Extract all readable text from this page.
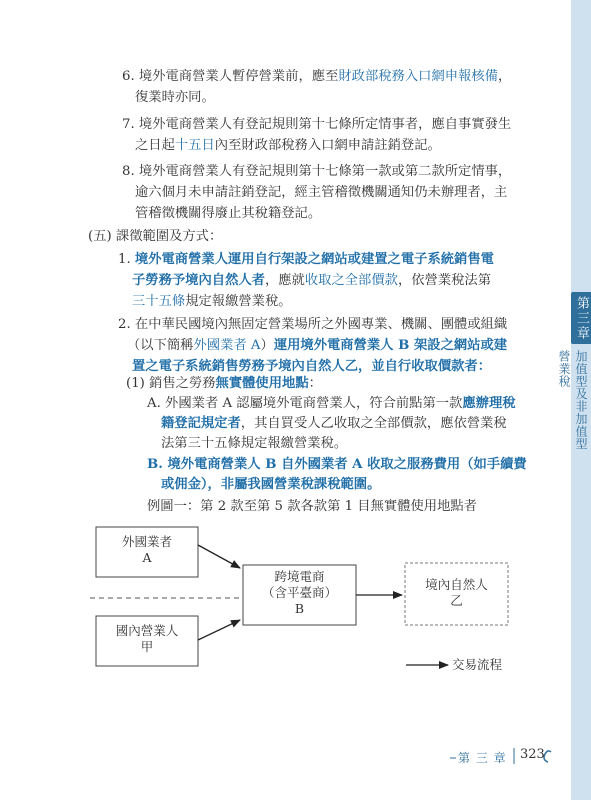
第三章
加值型及非加值型營業稅
6. 境外電商營業人暫停營業前，應至財政部稅務入口網申報核備，
復業時亦同。
7. 境外電商營業人有登記規則第十七條所定情事者，應自事實發生
之日起十五日內至財政部稅務入口網申請註銷登記。
8. 境外電商營業人有登記規則第十七條第一款或第二款所定情事，
逾六個月未申請註銷登記，經主管稽徵機關通知仍未辦理者，主
管稽徵機關得廢止其稅籍登記。
(五) 課徵範圍及方式：
1. 境外電商營業人運用自行架設之網站或建置之電子系統銷售電
子勞務予境內自然人者，應就收取之全部價款，依營業稅法第
三十五條規定報繳營業稅。
2. 在中華民國境內無固定營業場所之外國專業、機關、團體或組織
（以下簡稱外國業者 A）運用境外電商營業人 B 架設之網站或建
置之電子系統銷售勞務予境內自然人乙，並自行收取價款者：
(1) 銷售之勞務無實體使用地點：
A. 外國業者 A 認屬境外電商營業人，符合前點第一款應辦理稅
籍登記規定者，其自買受人乙收取之全部價款，應依營業稅
法第三十五條規定報繳營業稅。
B. 境外電商營業人 B 自外國業者 A 收取之服務費用（如手續費
或佣金），非屬我國營業稅課稅範圍。
例圖一：第 2 款至第 5 款各款第 1 目無實體使用地點者
外國業者
A
跨境電商
（含平臺商）
B
國內營業人
甲
境內自然人
乙
交易流程
第 三 章 323
